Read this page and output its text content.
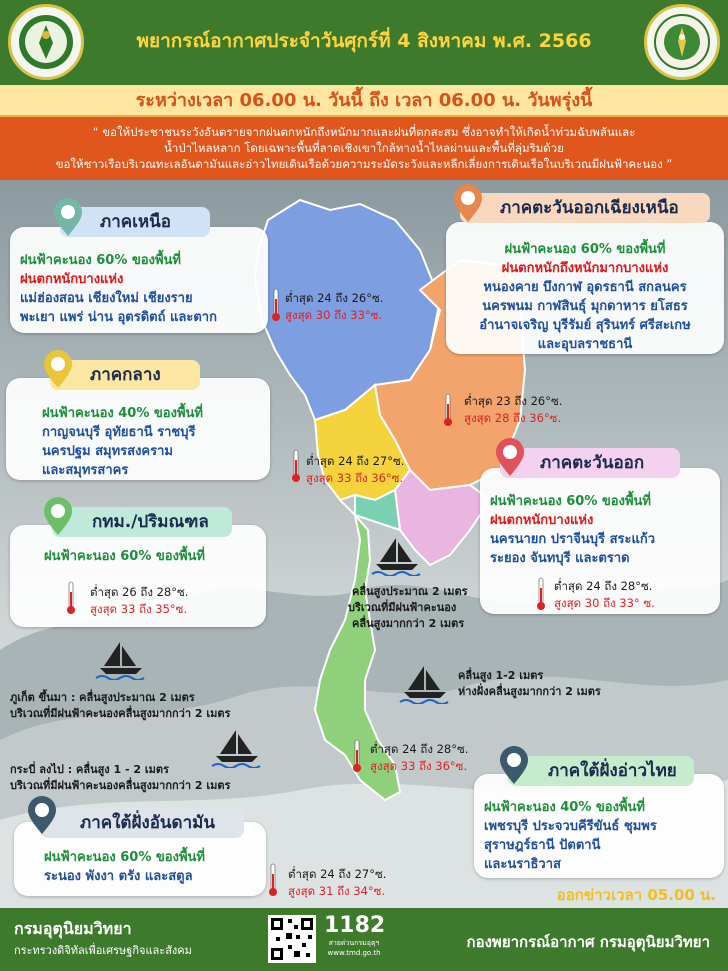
พยากรณ์อากาศประจำวันศุกร์ที่ 4 สิงหาคม พ.ศ. 2566
ระหว่างเวลา 06.00 น. วันนี้ ถึง เวลา 06.00 น. วันพรุ่งนี้
“ ขอให้ประชาชนระวังอันตรายจากฝนตกหนักถึงหนักมากและฝนที่ตกสะสม ซึ่งอาจทำให้เกิดน้ำท่วมฉับพลันและ
น้ำป่าไหลหลาก โดยเฉพาะพื้นที่ลาดเชิงเขาใกล้ทางน้ำไหลผ่านและพื้นที่ลุ่มริมด้วย
ขอให้ชาวเรือบริเวณทะเลอันดามันและอ่าวไทยเดินเรือด้วยความระมัดระวังและหลีกเลี่ยงการเดินเรือในบริเวณมีฝนฟ้าคะนอง ”
ฝนฟ้าคะนอง 60% ของพื้นที่
ฝนตกหนักบางแห่ง
แม่ฮ่องสอน เชียงใหม่ เชียงราย
พะเยา แพร่ น่าน อุตรดิตถ์ และตาก
ภาคเหนือ
ต่ำสุด 24 ถึง 26°ซ.
สูงสุด 30 ถึง 33°ซ.
ฝนฟ้าคะนอง 60% ของพื้นที่
ฝนตกหนักถึงหนักมากบางแห่ง
หนองคาย บึงกาฬ อุดรธานี สกลนคร
นครพนม กาฬสินธุ์ มุกดาหาร ยโสธร
อำนาจเจริญ บุรีรัมย์ สุรินทร์ ศรีสะเกษ
และอุบลราชธานี
ภาคตะวันออกเฉียงเหนือ
ต่ำสุด 23 ถึง 26°ซ.
สูงสุด 28 ถึง 36°ซ.
ฝนฟ้าคะนอง 40% ของพื้นที่
กาญจนบุรี อุทัยธานี ราชบุรี
นครปฐม สมุทรสงคราม
และสมุทรสาคร
ภาคกลาง
ต่ำสุด 24 ถึง 27°ซ.
สูงสุด 33 ถึง 36°ซ.
ฝนฟ้าคะนอง 60% ของพื้นที่
ฝนตกหนักบางแห่ง
นครนายก ปราจีนบุรี สระแก้ว
ระยอง จันทบุรี และตราด
ภาคตะวันออก
ต่ำสุด 24 ถึง 28°ซ.
สูงสุด 30 ถึง 33° ซ.
ฝนฟ้าคะนอง 60% ของพื้นที่
กทม./ปริมณฑล
ต่ำสุด 26 ถึง 28°ซ.
สูงสุด 33 ถึง 35°ซ.
ฝนฟ้าคะนอง 40% ของพื้นที่
เพชรบุรี ประจวบคีรีขันธ์ ชุมพร
สุราษฎร์ธานี ปัตตานี
และนราธิวาส
ภาคใต้ฝั่งอ่าวไทย
ต่ำสุด 24 ถึง 28°ซ.
สูงสุด 33 ถึง 36°ซ.
ฝนฟ้าคะนอง 60% ของพื้นที่
ระนอง พังงา ตรัง และสตูล
ภาคใต้ฝั่งอันดามัน
ต่ำสุด 24 ถึง 27°ซ.
สูงสุด 31 ถึง 34°ซ.
คลื่นสูงประมาณ 2 เมตร
บริเวณที่มีฝนฟ้าคะนอง
คลื่นสูงมากกว่า 2 เมตร
คลื่นสูง 1-2 เมตร
ห่างฝั่งคลื่นสูงมากกว่า 2 เมตร
ภูเก็ต ขึ้นมา : คลื่นสูงประมาณ 2 เมตร
บริเวณที่มีฝนฟ้าคะนองคลื่นสูงมากกว่า 2 เมตร
กระบี่ ลงไป : คลื่นสูง 1 - 2 เมตร
บริเวณที่มีฝนฟ้าคะนองคลื่นสูงมากกว่า 2 เมตร
ออกข่าวเวลา 05.00 น.
กรมอุตุนิยมวิทยา
กระทรวงดิจิทัลเพื่อเศรษฐกิจและสังคม
1182
สายด่วนกรมอุตุฯ
www.tmd.go.th
กองพยากรณ์อากาศ กรมอุตุนิยมวิทยา
